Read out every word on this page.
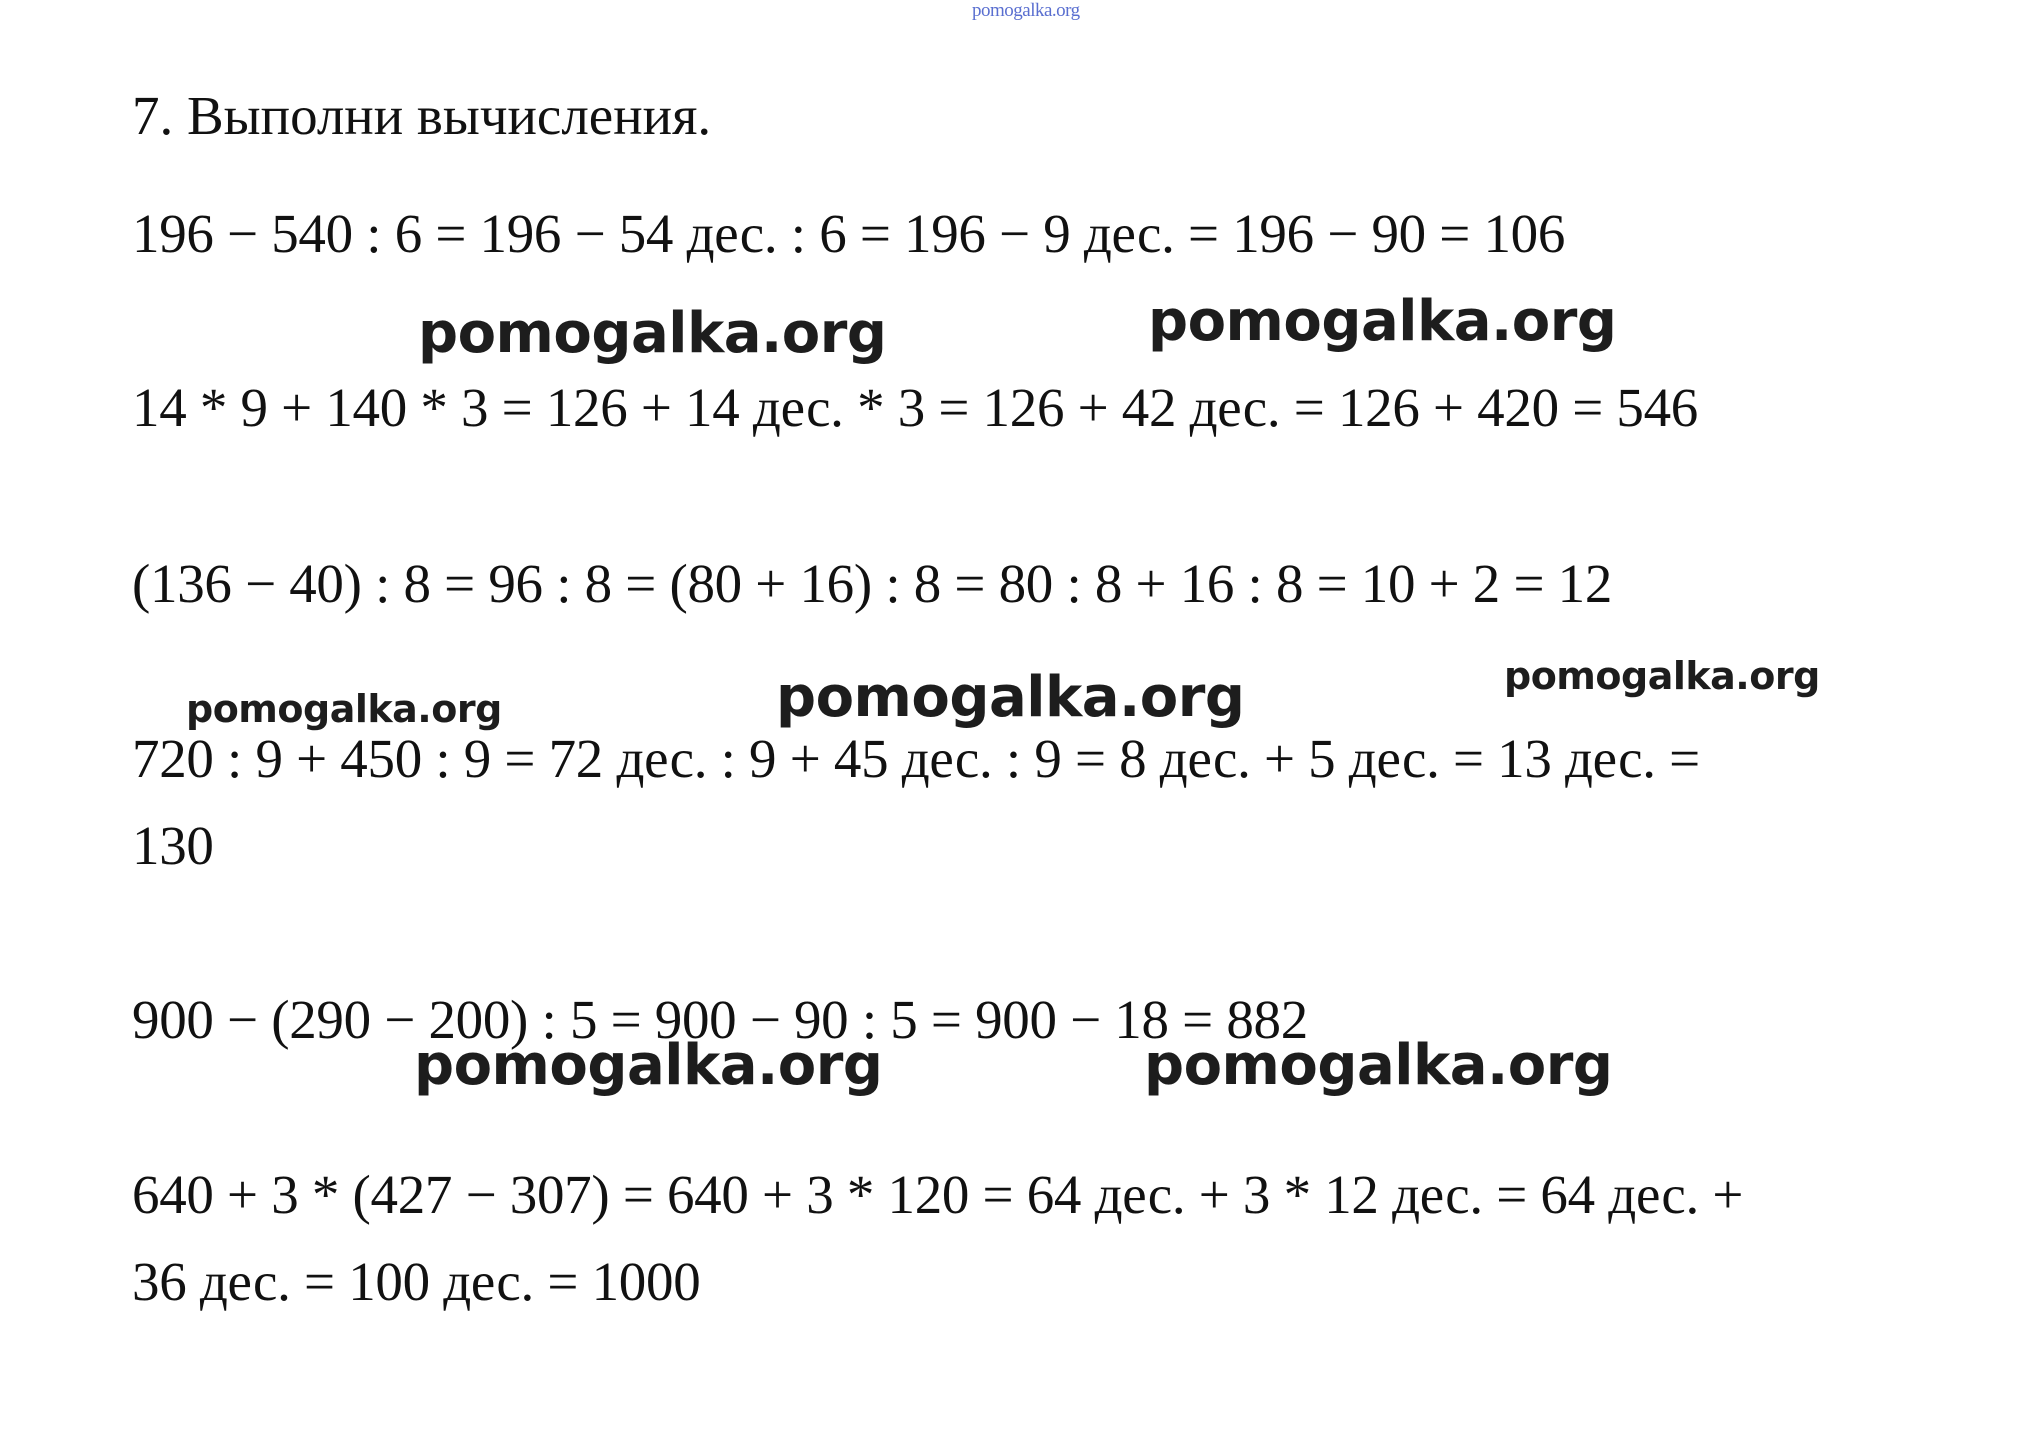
pomogalka.org
7. Выполни вычисления.
196 − 540 : 6 = 196 − 54 дес. : 6 = 196 − 9 дес. = 196 − 90 = 106
14 * 9 + 140 * 3 = 126 + 14 дес. * 3 = 126 + 42 дес. = 126 + 420 = 546
(136 − 40) : 8 = 96 : 8 = (80 + 16) : 8 = 80 : 8 + 16 : 8 = 10 + 2 = 12
720 : 9 + 450 : 9 = 72 дес. : 9 + 45 дес. : 9 = 8 дес. + 5 дес. = 13 дес. =
130
900 − (290 − 200) : 5 = 900 − 90 : 5 = 900 − 18 = 882
640 + 3 * (427 − 307) = 640 + 3 * 120 = 64 дес. + 3 * 12 дес. = 64 дес. +
36 дес. = 100 дес. = 1000
pomogalka.org	pomogalka.org
pomogalka.org	pomogalka.org	pomogalka.org
pomogalka.org	pomogalka.org
